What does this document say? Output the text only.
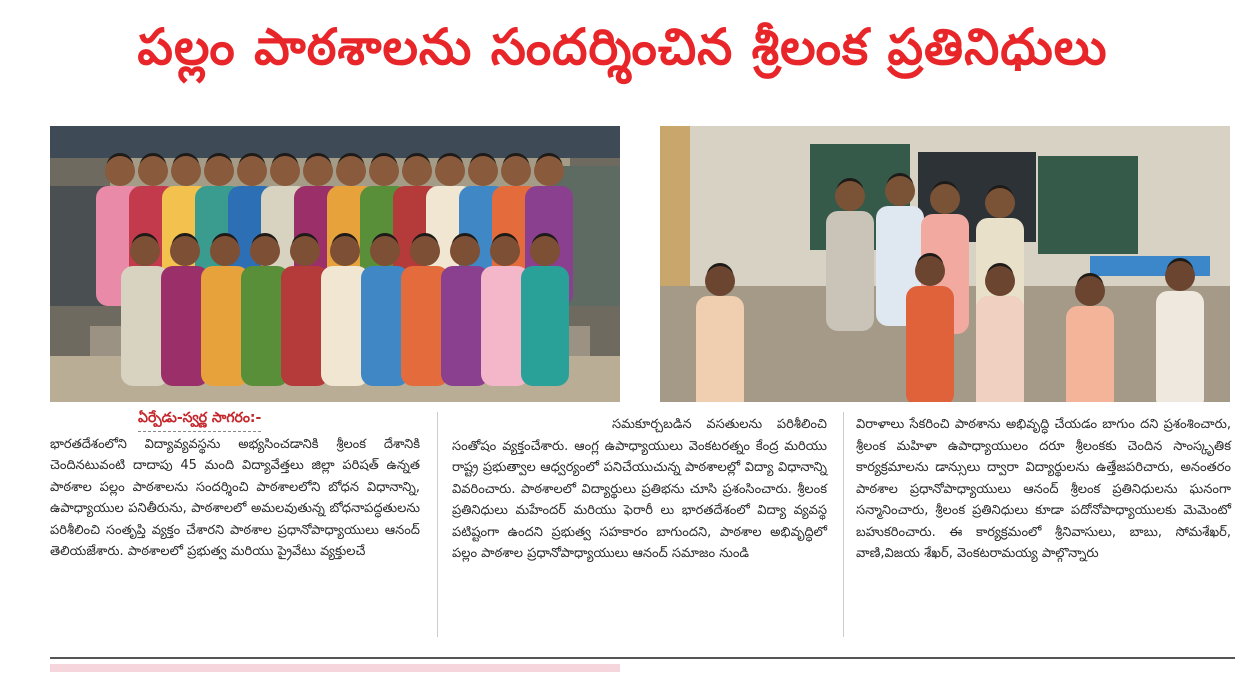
పల్లం పాఠశాలను సందర్శించిన శ్రీలంక ప్రతినిధులు
ఏర్పేడు-స్వర్ణ సాగరం:-

భారతదేశంలోని విద్యావ్యవస్థను అభ్యసించడానికి శ్రీలంక దేశానికి చెందినటువంటి దాదాపు 45 మంది విద్యావేత్తలు జిల్లా పరిషత్ ఉన్నత పాఠశాల పల్లం పాఠశాలను సందర్శించి పాఠశాలలోని బోధన విధానాన్ని, ఉపాధ్యాయుల పనితీరును, పాఠశాలలో అమలవుతున్న బోధనాపద్ధతులను పరిశీలించి సంతృప్తి వ్యక్తం చేశారని పాఠశాల ప్రధానోపాధ్యాయులు ఆనంద్ తెలియజేశారు. పాఠశాలలో ప్రభుత్వ మరియు ప్రైవేటు వ్యక్తులచే

సమకూర్చబడిన వసతులను పరిశీలించి సంతోషం వ్యక్తంచేశారు. ఆంగ్ల ఉపాధ్యాయులు వెంకటరత్నం కేంద్ర మరియు రాష్ట్ర ప్రభుత్వాల ఆధ్వర్యంలో పనిచేయుచున్న పాఠశాలల్లో విద్యా విధానాన్ని వివరించారు. పాఠశాలలో విద్యార్థులు ప్రతిభను చూసి ప్రశంసించారు. శ్రీలంక ప్రతినిధులు మహేందర్ మరియు ఫెరారీ లు భారతదేశంలో విద్యా వ్యవస్థ పటిష్టంగా ఉందని ప్రభుత్వ సహకారం బాగుందని, పాఠశాల అభివృద్ధిలో పల్లం పాఠశాల ప్రధానోపాధ్యాయులు ఆనంద్ సమాజం నుండి

విరాళాలు సేకరించి పాఠశాను అభివృద్ధి చేయడం బాగుం దని ప్రశంశించారు, శ్రీలంక మహిళా ఉపాధ్యాయులం దరూ శ్రీలంకకు చెందిన సాంస్కృతిక కార్యక్రమాలను డాన్సులు ద్వారా విద్యార్థులను ఉత్తేజపరిచారు, అనంతరం పాఠశాల ప్రధానోపాధ్యాయులు ఆనంద్ శ్రీలంక ప్రతినిధులను ఘనంగా సన్మానించారు, శ్రీలంక ప్రతినిధులు కూడా పదోనోపాధ్యాయులకు మెమెంటో బహుకరించారు. ఈ కార్యక్రమంలో శ్రీనివాసులు, బాబు, సోమశేఖర్, వాణి,విజయ శేఖర్, వెంకటరామయ్య పాల్గొన్నారు
